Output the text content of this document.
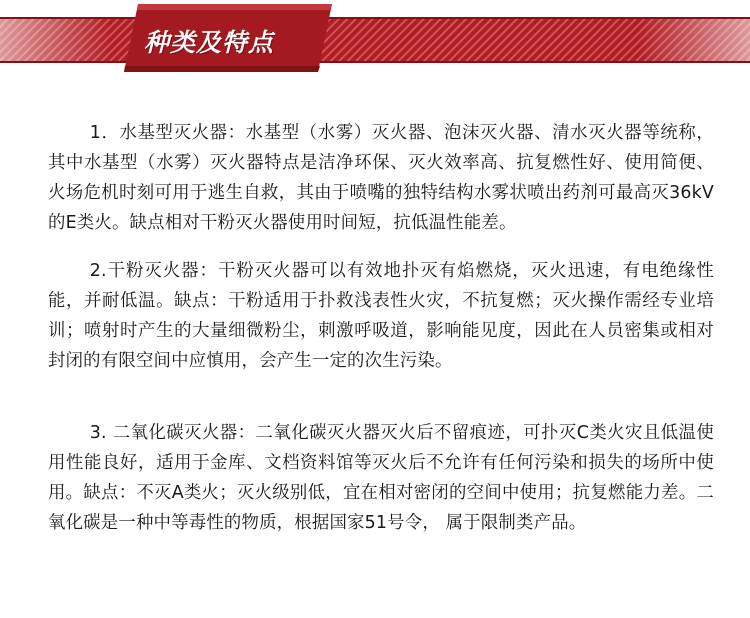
种类及特点

1．水基型灭火器：水基型（水雾）灭火器、泡沫灭火器、清水灭火器等统称，其中水基型（水雾）灭火器特点是洁净环保、灭火效率高、抗复燃性好、使用简便、火场危机时刻可用于逃生自救，其由于喷嘴的独特结构水雾状喷出药剂可最高灭36kV的E类火。缺点相对干粉灭火器使用时间短，抗低温性能差。

2.干粉灭火器：干粉灭火器可以有效地扑灭有焰燃烧，灭火迅速，有电绝缘性能，并耐低温。缺点：干粉适用于扑救浅表性火灾，不抗复燃；灭火操作需经专业培训；喷射时产生的大量细微粉尘，刺激呼吸道，影响能见度，因此在人员密集或相对封闭的有限空间中应慎用，会产生一定的次生污染。

3. 二氧化碳灭火器：二氧化碳灭火器灭火后不留痕迹，可扑灭C类火灾且低温使用性能良好，适用于金库、文档资料馆等灭火后不允许有任何污染和损失的场所中使用。缺点：不灭A类火；灭火级别低，宜在相对密闭的空间中使用；抗复燃能力差。二氧化碳是一种中等毒性的物质，根据国家51号令， 属于限制类产品。
